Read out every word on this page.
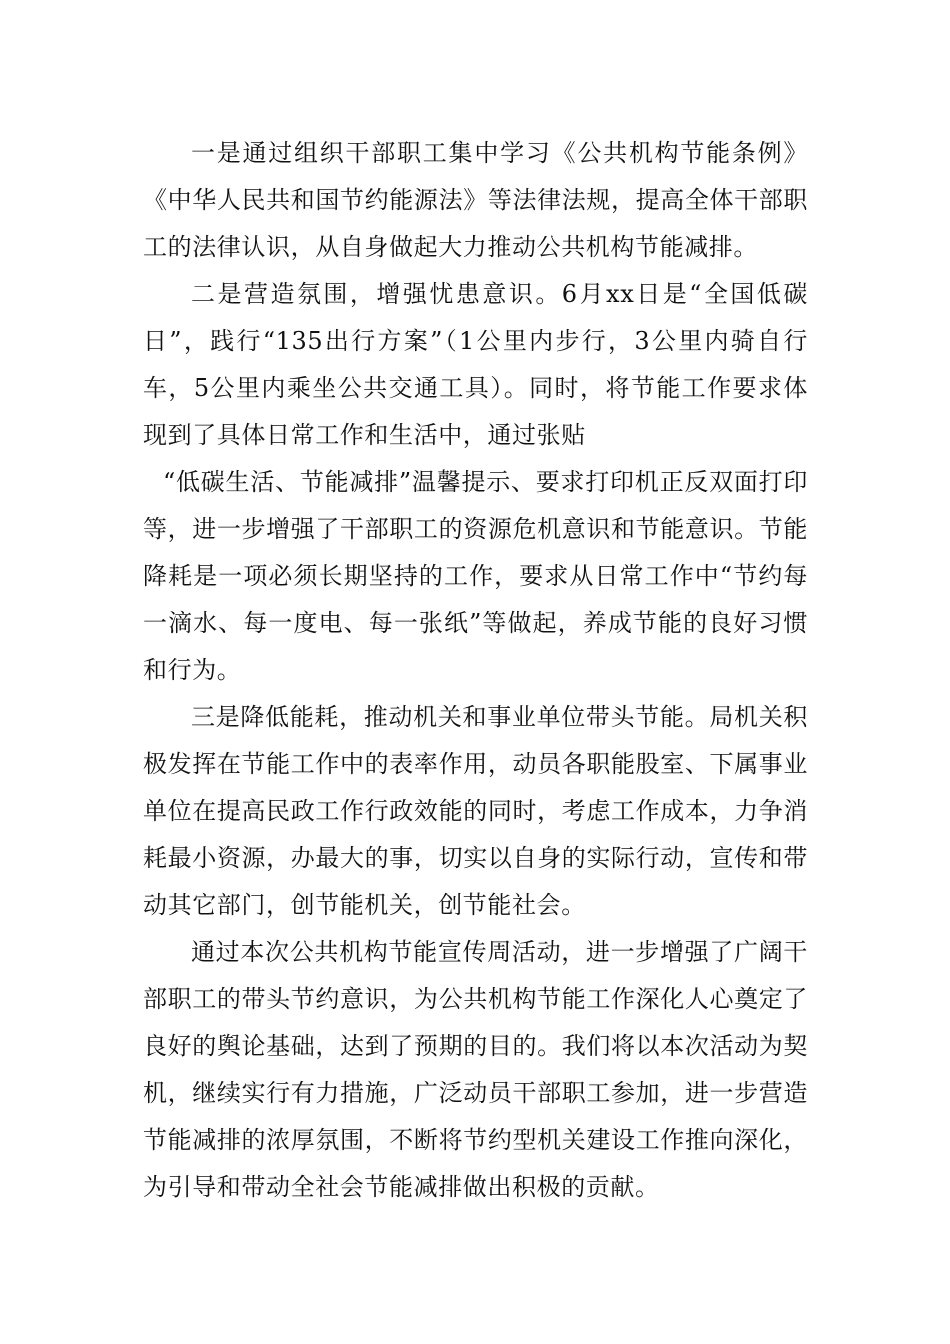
一是通过组织干部职工集中学习《公共机构节能条例》《中华人民共和国节约能源法》等法律法规，提高全体干部职工的法律认识，从自身做起大力推动公共机构节能减排。

二是营造氛围，增强忧患意识。6月xx日是“全国低碳日”，践行“135出行方案”（1公里内步行，3公里内骑自行车，5公里内乘坐公共交通工具）。同时，将节能工作要求体现到了具体日常工作和生活中，通过张贴

“低碳生活、节能减排”温馨提示、要求打印机正反双面打印等，进一步增强了干部职工的资源危机意识和节能意识。节能降耗是一项必须长期坚持的工作，要求从日常工作中“节约每一滴水、每一度电、每一张纸”等做起，养成节能的良好习惯和行为。

三是降低能耗，推动机关和事业单位带头节能。局机关积极发挥在节能工作中的表率作用，动员各职能股室、下属事业单位在提高民政工作行政效能的同时，考虑工作成本，力争消耗最小资源，办最大的事，切实以自身的实际行动，宣传和带动其它部门，创节能机关，创节能社会。

通过本次公共机构节能宣传周活动，进一步增强了广阔干部职工的带头节约意识，为公共机构节能工作深化人心奠定了良好的舆论基础，达到了预期的目的。我们将以本次活动为契机，继续实行有力措施，广泛动员干部职工参加，进一步营造节能减排的浓厚氛围，不断将节约型机关建设工作推向深化，为引导和带动全社会节能减排做出积极的贡献。
